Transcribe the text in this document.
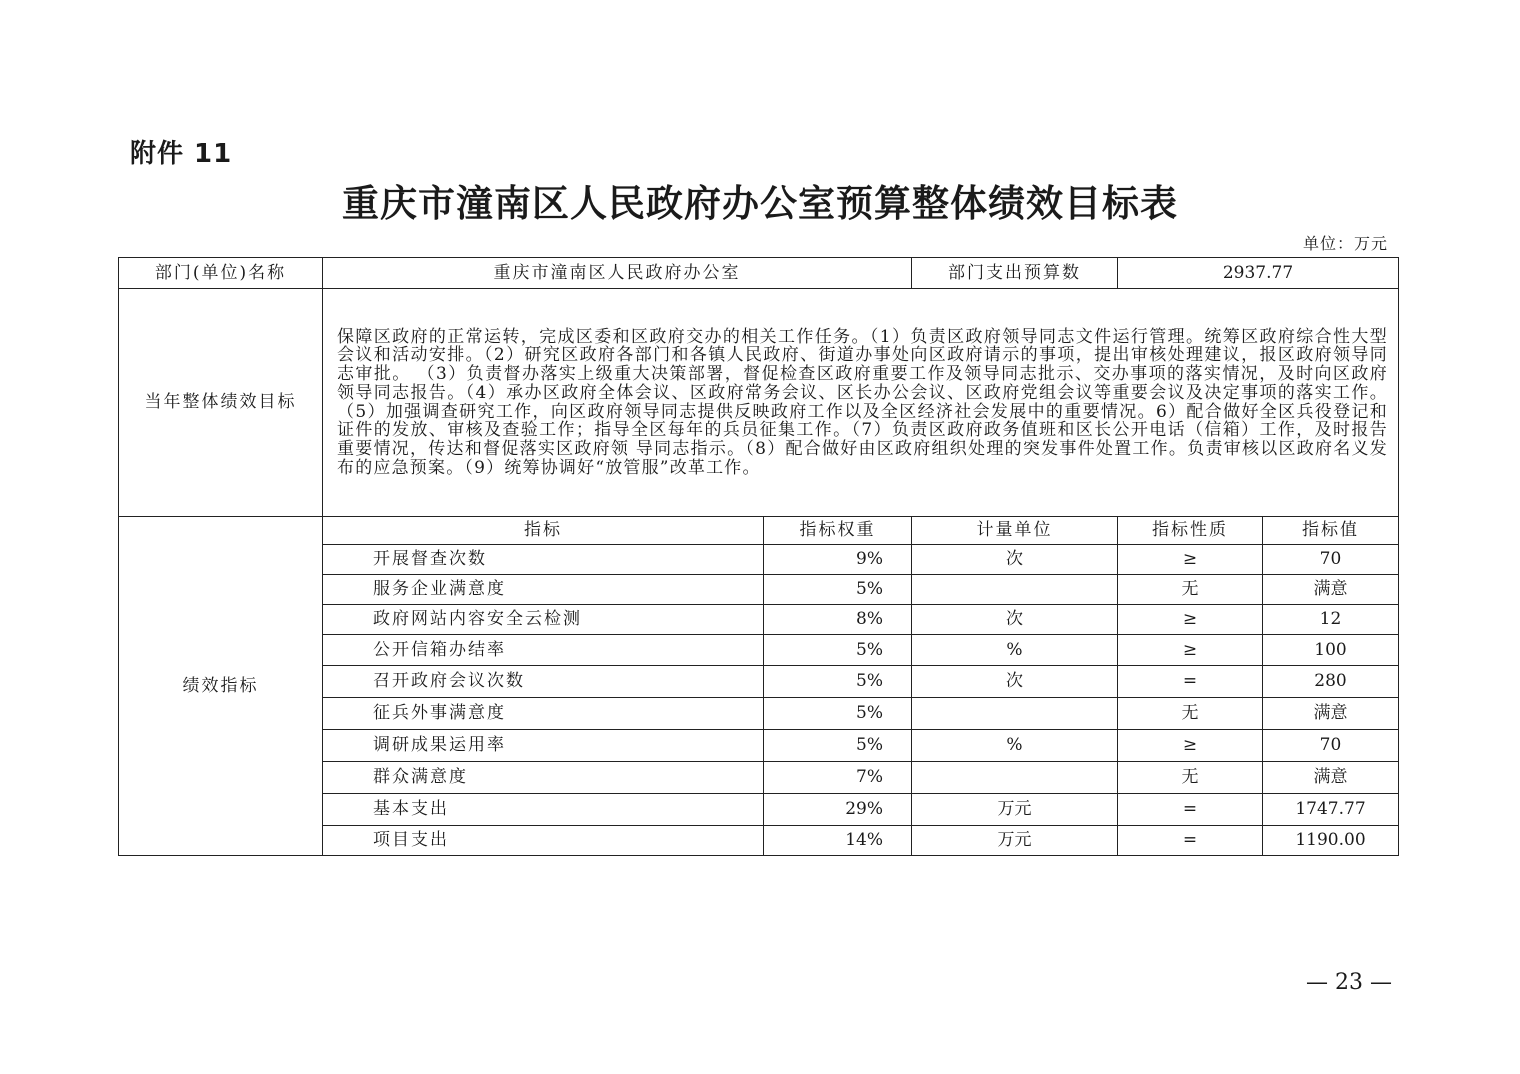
附件 11
重庆市潼南区人民政府办公室预算整体绩效目标表
单位：万元
部门(单位)名称	重庆市潼南区人民政府办公室		部门支出预算数	2937.77	
当年整体绩效目标	保障区政府的正常运转，完成区委和区政府交办的相关工作任务。（1）负责区政府领导同志文件运行管理。统筹区政府综合性大型会议和活动安排。（2）研究区政府各部门和各镇人民政府、街道办事处向区政府请示的事项，提出审核处理建议，报区政府领导同志审批。 （3）负责督办落实上级重大决策部署，督促检查区政府重要工作及领导同志批示、交办事项的落实情况，及时向区政府领导同志报告。（4）承办区政府全体会议、区政府常务会议、区长办公会议、区政府党组会议等重要会议及决定事项的落实工作。（5）加强调查研究工作，向区政府领导同志提供反映政府工作以及全区经济社会发展中的重要情况。6）配合做好全区兵役登记和证件的发放、审核及查验工作；指导全区每年的兵员征集工作。（7）负责区政府政务值班和区长公开电话（信箱）工作，及时报告重要情况，传达和督促落实区政府领 导同志指示。（8）配合做好由区政府组织处理的突发事件处置工作。负责审核以区政府名义发布的应急预案。（9）统筹协调好“放管服”改革工作。				
绩效指标	指标	指标权重	计量单位	指标性质	指标值
	开展督查次数	9%	次	≥	70
	服务企业满意度	5%		无	满意
	政府网站内容安全云检测	8%	次	≥	12
	公开信箱办结率	5%	%	≥	100
	召开政府会议次数	5%	次	=	280
	征兵外事满意度	5%		无	满意
	调研成果运用率	5%	%	≥	70
	群众满意度	7%		无	满意
	基本支出	29%	万元	=	1747.77
	项目支出	14%	万元	=	1190.00
— 23 —
